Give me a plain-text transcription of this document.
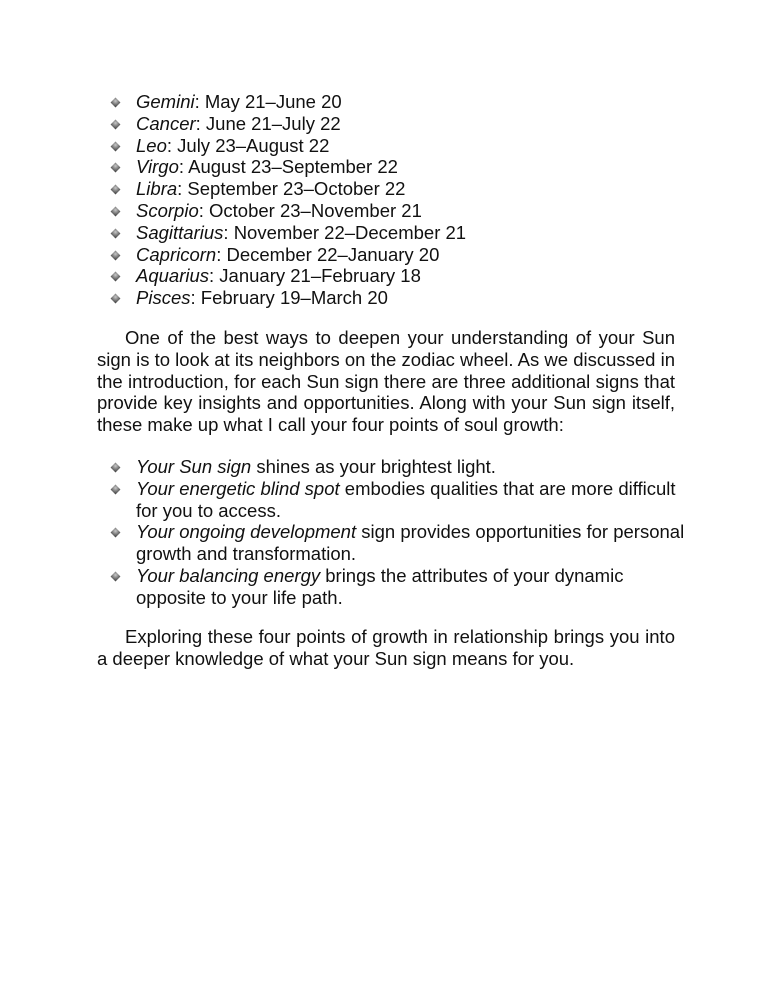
Gemini: May 21–June 20
Cancer: June 21–July 22
Leo: July 23–August 22
Virgo: August 23–September 22
Libra: September 23–October 22
Scorpio: October 23–November 21
Sagittarius: November 22–December 21
Capricorn: December 22–January 20
Aquarius: January 21–February 18
Pisces: February 19–March 20

One of the best ways to deepen your understanding of your Sun sign is to look at its neighbors on the zodiac wheel. As we discussed in the introduction, for each Sun sign there are three additional signs that provide key insights and opportunities. Along with your Sun sign itself, these make up what I call your four points of soul growth:

Your Sun sign shines as your brightest light.
Your energetic blind spot embodies qualities that are more difficult for you to access.
Your ongoing development sign provides opportunities for personal growth and transformation.
Your balancing energy brings the attributes of your dynamic opposite to your life path.

Exploring these four points of growth in relationship brings you into a deeper knowledge of what your Sun sign means for you.
